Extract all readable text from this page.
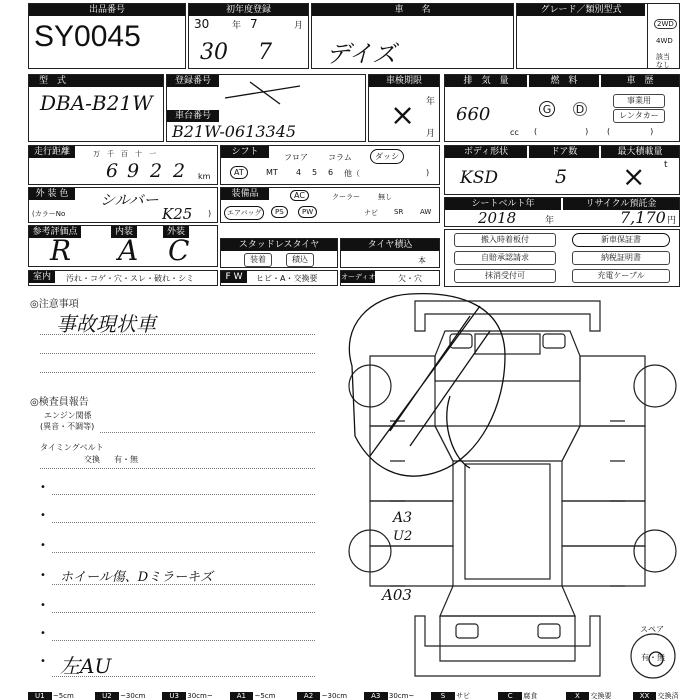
出品番号
SY0045
初年度登録
30	年 7	月
30 7
車　　名
デイズ
グレード／類別型式
2WD
4WD
該当なし
型　式
DBA-B21W
登録番号
車台番号
B21W-0613345
車検期限
× 年
月
排　気　量	燃　料	車　歴
660
cc
G	D
(　　　　　　)
事業用
レンタカー
(　　　　　)
走行距離	万　千　百　十　一
6 9 2 2 km
シフト
フロア	コラム	ダッシ
AT	MT 4 5 6 他（	)
ボディ形状	ドア数	最大積載量
KSD	5 × t
外 装 色	シルバー
(カラーNo	K25 )
装備品	AC	クーラー	無し
エアバッグ	PS	PW	ナビ SR AW
シートベルト年	リサイクル預託金
2018	年	7,170 円
参考評価点	内装	外装
R A C	スタッドレスタイヤ
装着	積込
タイヤ積込
本
搬入時着板付
自賠承認請求
抹消受付可
新車保証書
納税証明書
充電ケーブル
室内	汚れ・コゲ・穴・スレ・破れ・シミ	F W	ヒビ・A・交換要	オーディオ	欠・穴
◎注意事項
事故現状車
◎検査員報告
エンジン関係
(異音・不調等)
タイミングベルト
交換 有・無
•
•
•
• ホイール傷、Dミラーキズ
•
•
• 左AU
A3
U2
A03
スペア
有・無
U1	~5cm	U2	~30cm	U3	30cm~	A1	~5cm	A2	~30cm	A3	30cm~	S	サビ	C	腐食	X	交換要	XX	交換済
